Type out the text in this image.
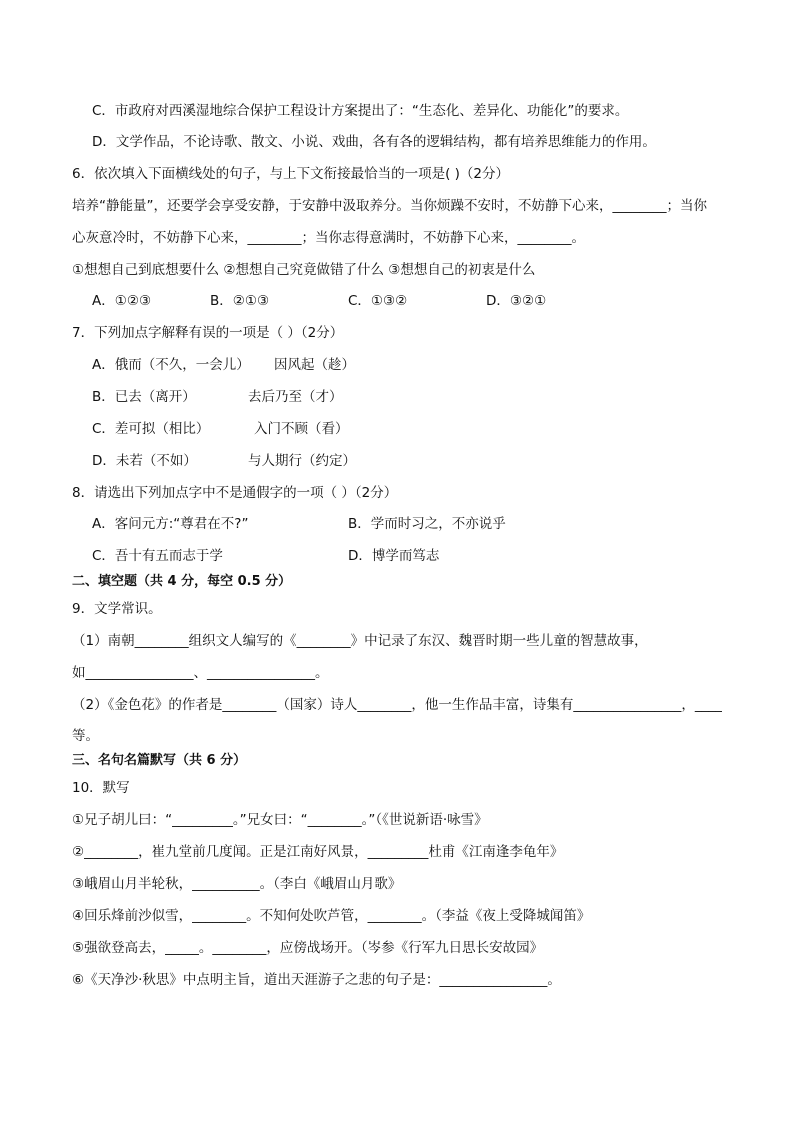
C．市政府对西溪湿地综合保护工程设计方案提出了：“生态化、差异化、功能化”的要求。
D．文学作品，不论诗歌、散文、小说、戏曲，各有各的逻辑结构，都有培养思维能力的作用。
6．依次填入下面横线处的句子，与上下文衔接最恰当的一项是( )（2分）
培养“静能量”，还要学会享受安静，于安静中汲取养分。当你烦躁不安时，不妨静下心来，________；当你
心灰意冷时，不妨静下心来，________；当你志得意满时，不妨静下心来，________。
①想想自己到底想要什么 ②想想自己究竟做错了什么 ③想想自己的初衷是什么
A．①②③	B．②①③	C．①③②	D．③②①
7．下列加点字解释有误的一项是（ ）（2分）
A．俄而（不久，一会儿） 因风起（趁）
B．已去（离开）	去后乃至（才）
C．差可拟（相比）	入门不顾（看）
D．未若（不如）	与人期行（约定）
8．请选出下列加点字中不是通假字的一项（ ）（2分）
A．客问元方:“尊君在不?”	B．学而时习之，不亦说乎
C．吾十有五而志于学	D．博学而笃志
二、填空题（共 4 分，每空 0.5 分）
9．文学常识。
（1）南朝________组织文人编写的《________》中记录了东汉、魏晋时期一些儿童的智慧故事，
如________________、________________。
（2）《金色花》的作者是________（国家）诗人________，他一生作品丰富，诗集有________________，____
等。
三、名句名篇默写（共 6 分）
10．默写
①兄子胡儿曰：“_________。”兄女曰：“________。”（《世说新语·咏雪》
②________，崔九堂前几度闻。正是江南好风景，_________杜甫《江南逢李龟年》
③峨眉山月半轮秋，__________。（李白《峨眉山月歌》
④回乐烽前沙似雪，________。不知何处吹芦管，________。（李益《夜上受降城闻笛》
⑤强欲登高去，_____。________，应傍战场开。（岑参《行军九日思长安故园》
⑥《天净沙·秋思》中点明主旨，道出天涯游子之悲的句子是：________________。
